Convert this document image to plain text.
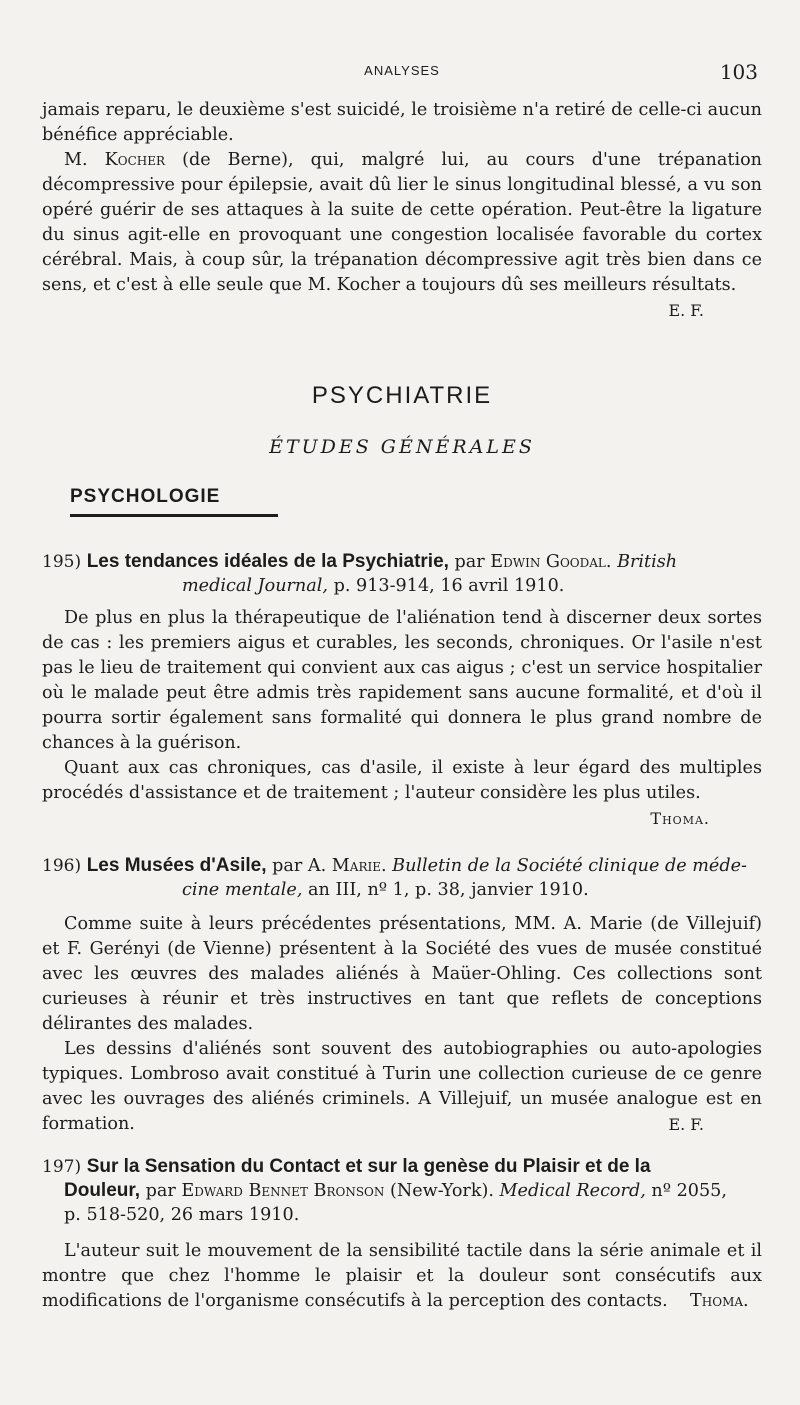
ANALYSES	103

jamais reparu, le deuxième s'est suicidé, le troisième n'a retiré de celle-ci aucun bénéfice appréciable.

M. Kocher (de Berne), qui, malgré lui, au cours d'une trépanation décompressive pour épilepsie, avait dû lier le sinus longitudinal blessé, a vu son opéré guérir de ses attaques à la suite de cette opération. Peut-être la ligature du sinus agit-elle en provoquant une congestion localisée favorable du cortex cérébral. Mais, à coup sûr, la trépanation décompressive agit très bien dans ce sens, et c'est à elle seule que M. Kocher a toujours dû ses meilleurs résultats.

E. F.

PSYCHIATRIE
ÉTUDES GÉNÉRALES
PSYCHOLOGIE
195) Les tendances idéales de la Psychiatrie, par Edwin Goodal. British
medical Journal, p. 913-914, 16 avril 1910.

De plus en plus la thérapeutique de l'aliénation tend à discerner deux sortes de cas : les premiers aigus et curables, les seconds, chroniques. Or l'asile n'est pas le lieu de traitement qui convient aux cas aigus ; c'est un service hospitalier où le malade peut être admis très rapidement sans aucune formalité, et d'où il pourra sortir également sans formalité qui donnera le plus grand nombre de chances à la guérison.

Quant aux cas chroniques, cas d'asile, il existe à leur égard des multiples procédés d'assistance et de traitement ; l'auteur considère les plus utiles.

Thoma.

196) Les Musées d'Asile, par A. Marie. Bulletin de la Société clinique de méde-
cine mentale, an III, nº 1, p. 38, janvier 1910.

Comme suite à leurs précédentes présentations, MM. A. Marie (de Villejuif) et F. Gerényi (de Vienne) présentent à la Société des vues de musée constitué avec les œuvres des malades aliénés à Maüer-Ohling. Ces collections sont curieuses à réunir et très instructives en tant que reflets de conceptions délirantes des malades.

Les dessins d'aliénés sont souvent des autobiographies ou auto-apologies typiques. Lombroso avait constitué à Turin une collection curieuse de ce genre avec les ouvrages des aliénés criminels. A Villejuif, un musée analogue est en formation.	E. F.

197) Sur la Sensation du Contact et sur la genèse du Plaisir et de la
Douleur, par Edward Bennet Bronson (New-York). Medical Record, nº 2055,
p. 518-520, 26 mars 1910.

L'auteur suit le mouvement de la sensibilité tactile dans la série animale et il montre que chez l'homme le plaisir et la douleur sont consécutifs aux modifications de l'organisme consécutifs à la perception des contacts. Thoma.
